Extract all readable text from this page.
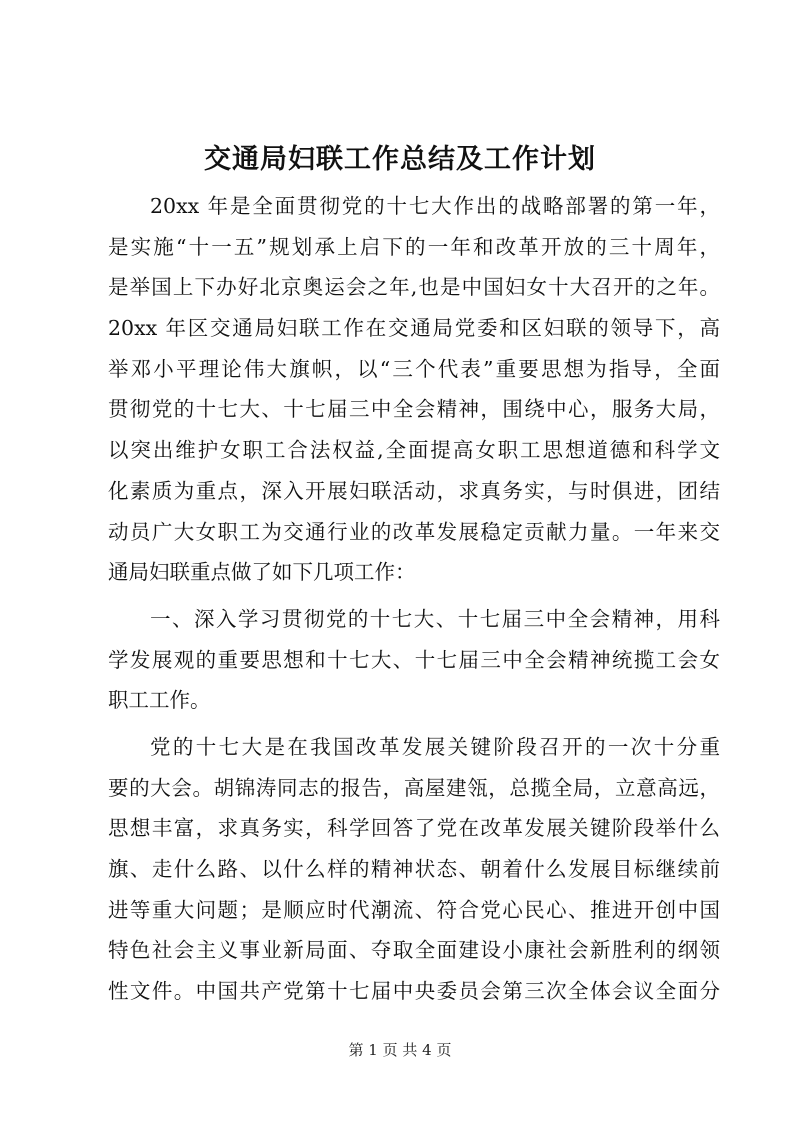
交通局妇联工作总结及工作计划
20xx 年是全面贯彻党的十七大作出的战略部署的第一年，
是实施“十一五”规划承上启下的一年和改革开放的三十周年，
是举国上下办好北京奥运会之年,也是中国妇女十大召开的之年。
20xx 年区交通局妇联工作在交通局党委和区妇联的领导下，高
举邓小平理论伟大旗帜，以“三个代表”重要思想为指导，全面
贯彻党的十七大、十七届三中全会精神，围绕中心，服务大局，
以突出维护女职工合法权益,全面提高女职工思想道德和科学文
化素质为重点，深入开展妇联活动，求真务实，与时俱进，团结
动员广大女职工为交通行业的改革发展稳定贡献力量。一年来交
通局妇联重点做了如下几项工作：
一、深入学习贯彻党的十七大、十七届三中全会精神，用科
学发展观的重要思想和十七大、十七届三中全会精神统揽工会女
职工工作。
党的十七大是在我国改革发展关键阶段召开的一次十分重
要的大会。胡锦涛同志的报告，高屋建瓴，总揽全局，立意高远，
思想丰富，求真务实，科学回答了党在改革发展关键阶段举什么
旗、走什么路、以什么样的精神状态、朝着什么发展目标继续前
进等重大问题；是顺应时代潮流、符合党心民心、推进开创中国
特色社会主义事业新局面、夺取全面建设小康社会新胜利的纲领
性文件。中国共产党第十七届中央委员会第三次全体会议全面分
第 1 页 共 4 页
